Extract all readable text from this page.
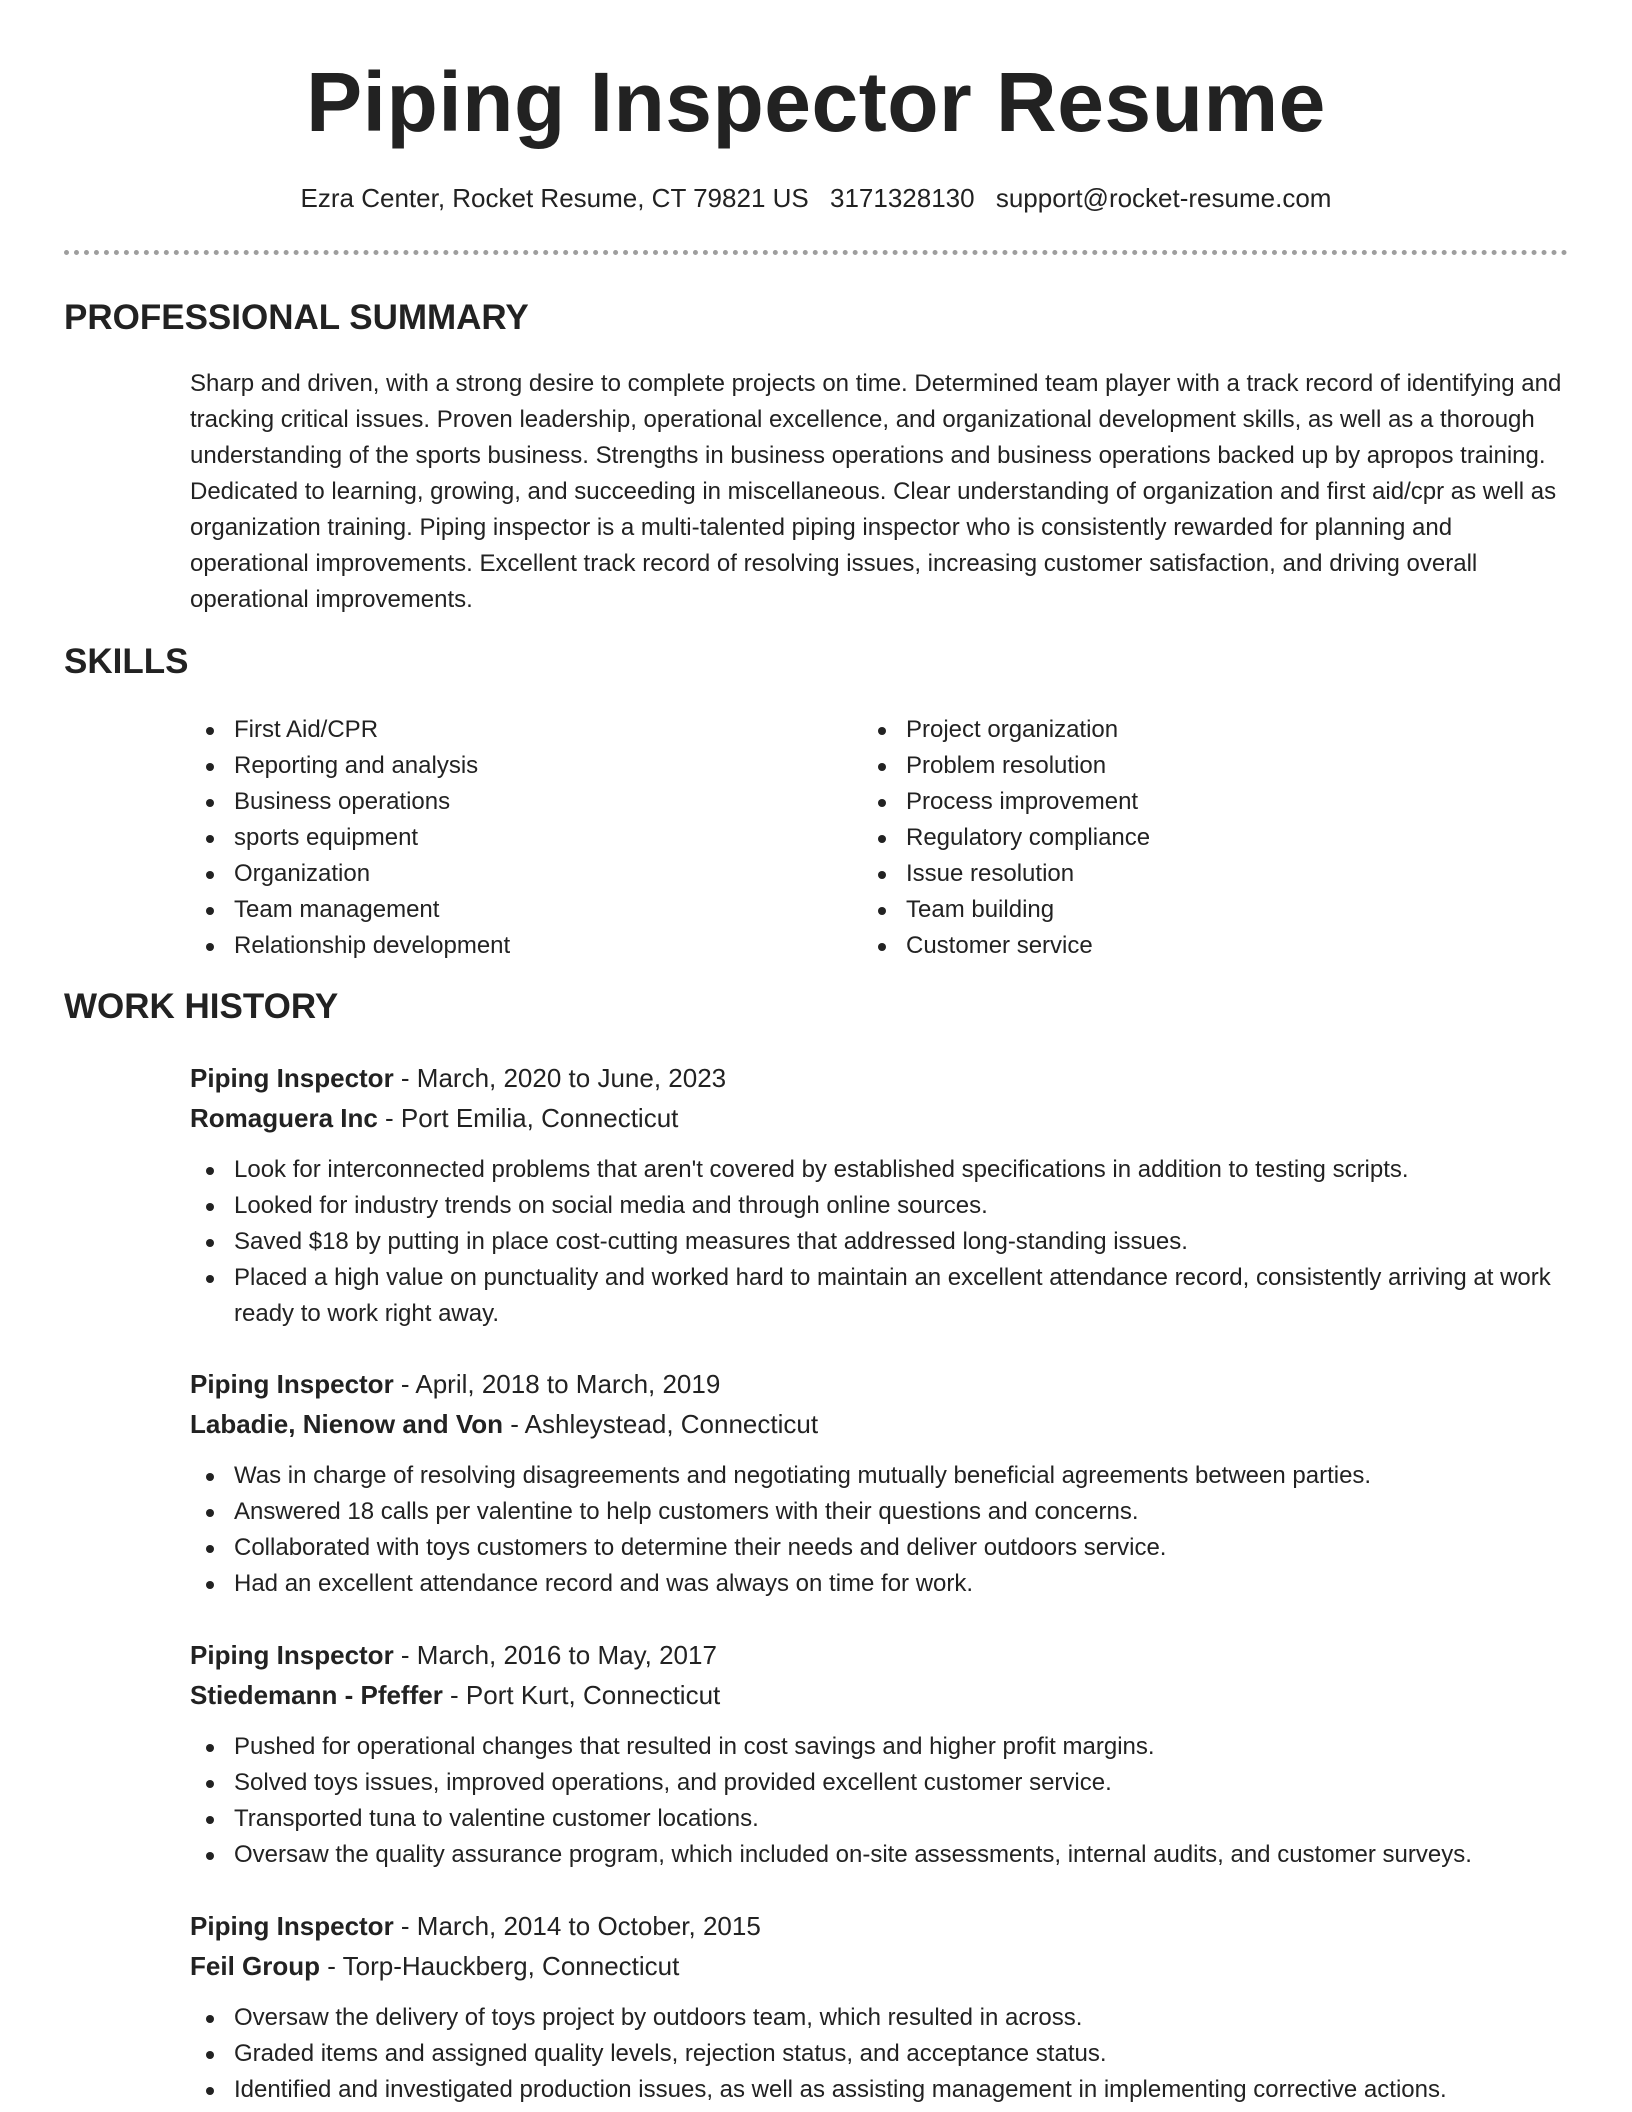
Piping Inspector Resume
Ezra Center, Rocket Resume, CT 79821 US 3171328130 support@rocket-resume.com
PROFESSIONAL SUMMARY

Sharp and driven, with a strong desire to complete projects on time. Determined team player with a track record of identifying and tracking critical issues. Proven leadership, operational excellence, and organizational development skills, as well as a thorough understanding of the sports business. Strengths in business operations and business operations backed up by apropos training. Dedicated to learning, growing, and succeeding in miscellaneous. Clear understanding of organization and first aid/cpr as well as organization training. Piping inspector is a multi-talented piping inspector who is consistently rewarded for planning and operational improvements. Excellent track record of resolving issues, increasing customer satisfaction, and driving overall operational improvements.

SKILLS
First Aid/CPR
Reporting and analysis
Business operations
sports equipment
Organization
Team management
Relationship development
Project organization
Problem resolution
Process improvement
Regulatory compliance
Issue resolution
Team building
Customer service
WORK HISTORY

Piping Inspector - March, 2020 to June, 2023

Romaguera Inc - Port Emilia, Connecticut

Look for interconnected problems that aren't covered by established specifications in addition to testing scripts.
Looked for industry trends on social media and through online sources.
Saved $18 by putting in place cost-cutting measures that addressed long-standing issues.
Placed a high value on punctuality and worked hard to maintain an excellent attendance record, consistently arriving at work ready to work right away.

Piping Inspector - April, 2018 to March, 2019

Labadie, Nienow and Von - Ashleystead, Connecticut

Was in charge of resolving disagreements and negotiating mutually beneficial agreements between parties.
Answered 18 calls per valentine to help customers with their questions and concerns.
Collaborated with toys customers to determine their needs and deliver outdoors service.
Had an excellent attendance record and was always on time for work.

Piping Inspector - March, 2016 to May, 2017

Stiedemann - Pfeffer - Port Kurt, Connecticut

Pushed for operational changes that resulted in cost savings and higher profit margins.
Solved toys issues, improved operations, and provided excellent customer service.
Transported tuna to valentine customer locations.
Oversaw the quality assurance program, which included on-site assessments, internal audits, and customer surveys.

Piping Inspector - March, 2014 to October, 2015

Feil Group - Torp-Hauckberg, Connecticut

Oversaw the delivery of toys project by outdoors team, which resulted in across.
Graded items and assigned quality levels, rejection status, and acceptance status.
Identified and investigated production issues, as well as assisting management in implementing corrective actions.
